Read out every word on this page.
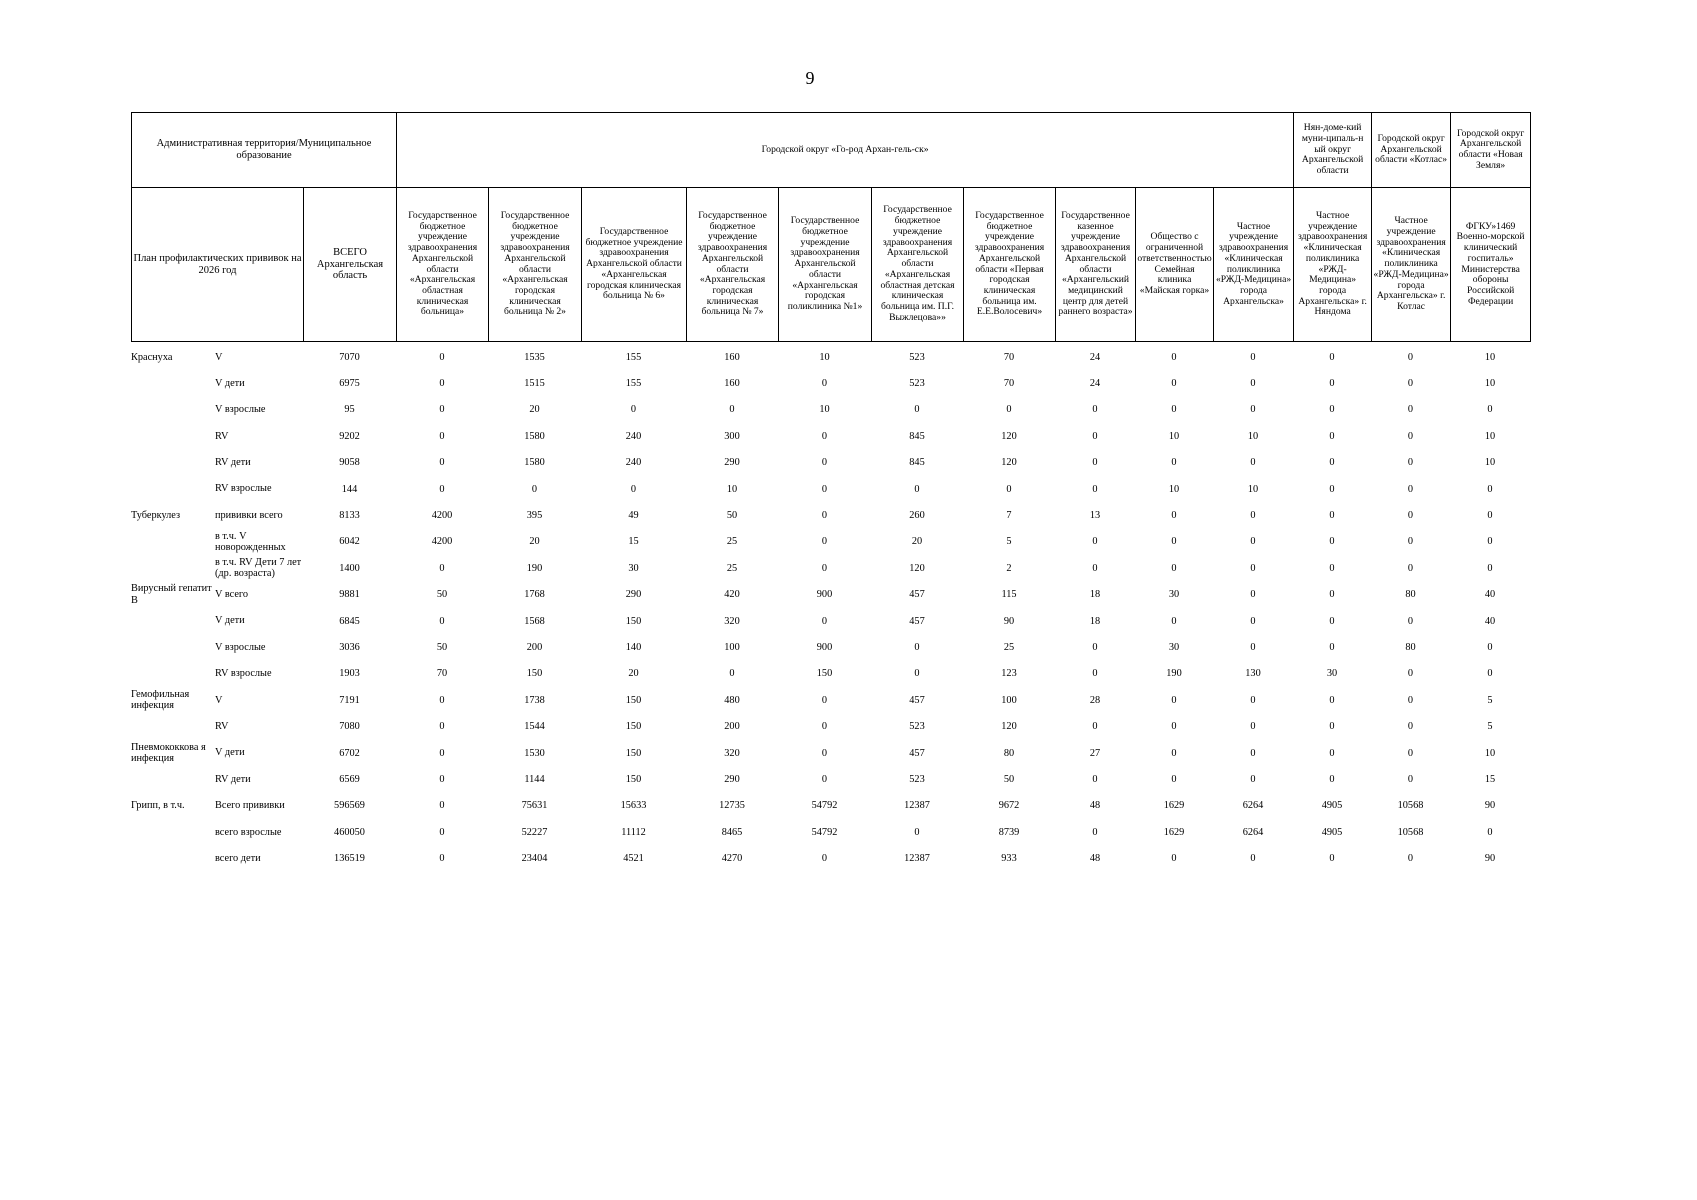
9
Административная территория/Муниципальное образование		Городской округ «Го-род Архан-гель-ск»										Нян-доме-кий муни-ципаль-н ый округ Архангельской области	Городской округ Архангельской области «Котлас»	Городской округ Архангельской области «Новая Земля»
План профилактических прививок на 2026 год	ВСЕГО Архангельская область	Государственное бюджетное учреждение здравоохранения Архангельской области «Архангельская областная клиническая больница»	Государственное бюджетное учреждение здравоохранения Архангельской области «Архангельская городская клиническая больница № 2»	Государственное бюджетное учреждение здравоохранения Архангельской области «Архангельская городская клиническая больница № 6»	Государственное бюджетное учреждение здравоохранения Архангельской области «Архангельская городская клиническая больница № 7»	Государственное бюджетное учреждение здравоохранения Архангельской области «Архангельская городская поликлиника №1»	Государственное бюджетное учреждение здравоохранения Архангельской области «Архангельская областная детская клиническая больница им. П.Г. Выжлецова»»	Государственное бюджетное учреждение здравоохранения Архангельской области «Первая городская клиническая больница им. Е.Е.Волосевич»	Государственное казенное учреждение здравоохранения Архангельской области «Архангельский медицинский центр для детей раннего возраста»	Общество с ограниченной ответственностью Семейная клиника «Майская горка»	Частное учреждение здравоохранения «Клиническая поликлиника «РЖД-Медицина» города Архангельска»	Частное учреждение здравоохранения «Клиническая поликлиника «РЖД-Медицина» города Архангельска» г. Няндома	Частное учреждение здравоохранения «Клиническая поликлиника «РЖД-Медицина» города Архангельска» г. Котлас	ФГКУ»1469 Военно-морской клинический госпиталь» Министерства обороны Российской Федерации
Краснуха	V	7070	0	1535	155	160	10	523	70	24	0	0	0	0	10
	V дети	6975	0	1515	155	160	0	523	70	24	0	0	0	0	10
	V взрослые	95	0	20	0	0	10	0	0	0	0	0	0	0	0
	RV	9202	0	1580	240	300	0	845	120	0	10	10	0	0	10
	RV дети	9058	0	1580	240	290	0	845	120	0	0	0	0	0	10
	RV взрослые	144	0	0	0	10	0	0	0	0	10	10	0	0	0
Туберкулез	прививки всего	8133	4200	395	49	50	0	260	7	13	0	0	0	0	0
	в т.ч. V новорожденных	6042	4200	20	15	25	0	20	5	0	0	0	0	0	0
	в т.ч. RV Дети 7 лет (др. возраста)	1400	0	190	30	25	0	120	2	0	0	0	0	0	0
Вирусный гепатит В	V всего	9881	50	1768	290	420	900	457	115	18	30	0	0	80	40
	V дети	6845	0	1568	150	320	0	457	90	18	0	0	0	0	40
	V взрослые	3036	50	200	140	100	900	0	25	0	30	0	0	80	0
	RV взрослые	1903	70	150	20	0	150	0	123	0	190	130	30	0	0
Гемофильная инфекция	V	7191	0	1738	150	480	0	457	100	28	0	0	0	0	5
	RV	7080	0	1544	150	200	0	523	120	0	0	0	0	0	5
Пневмококкова я инфекция	V дети	6702	0	1530	150	320	0	457	80	27	0	0	0	0	10
	RV дети	6569	0	1144	150	290	0	523	50	0	0	0	0	0	15
Грипп, в т.ч.	Всего прививки	596569	0	75631	15633	12735	54792	12387	9672	48	1629	6264	4905	10568	90
	всего взрослые	460050	0	52227	11112	8465	54792	0	8739	0	1629	6264	4905	10568	0
	всего дети	136519	0	23404	4521	4270	0	12387	933	48	0	0	0	0	90
